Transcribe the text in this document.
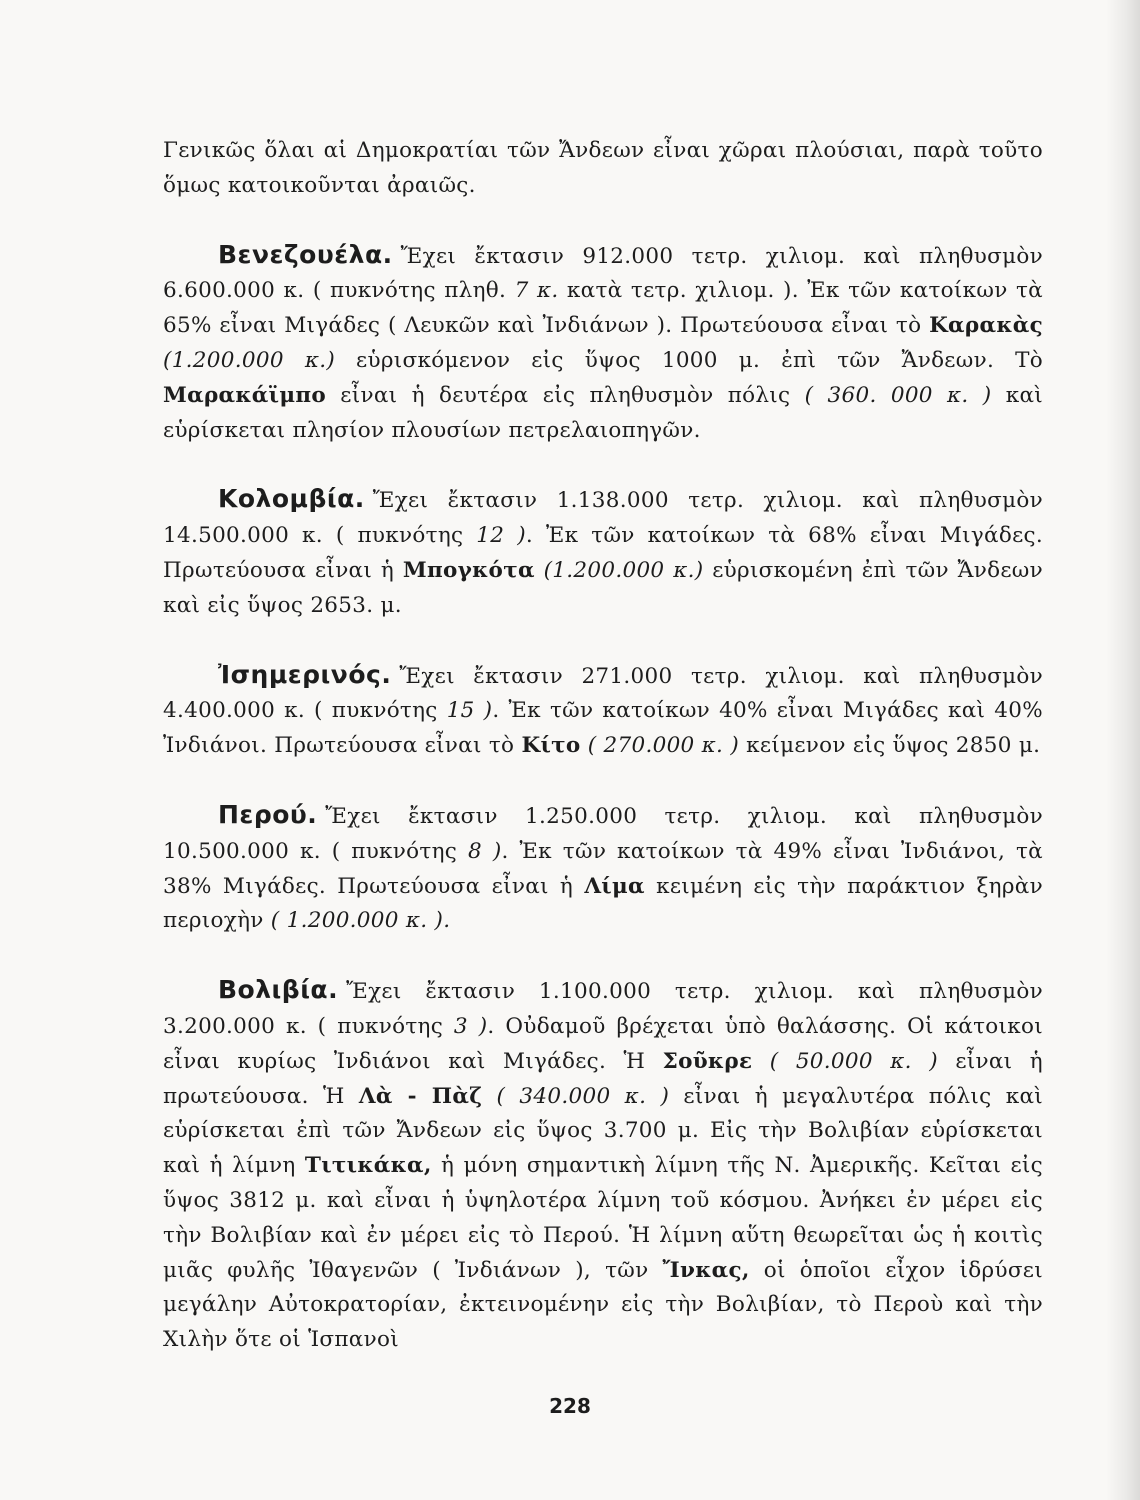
Γενικῶς ὅλαι αἱ Δημοκρατίαι τῶν Ἄνδεων εἶναι χῶραι πλούσιαι, παρὰ τοῦτο ὅμως κατοικοῦνται ἀραιῶς.

Βενεζουέλα. Ἔχει ἔκτασιν 912.000 τετρ. χιλιομ. καὶ πληθυσμὸν 6.600.000 κ. ( πυκνότης πληθ. 7 κ. κατὰ τετρ. χιλιομ. ). Ἐκ τῶν κατοίκων τὰ 65% εἶναι Μιγάδες ( Λευκῶν καὶ Ἰνδιάνων ). Πρωτεύουσα εἶναι τὸ Καρακὰς (1.200.000 κ.) εὑρισκόμενον εἰς ὕψος 1000 μ. ἐπὶ τῶν Ἄνδεων. Τὸ Μαρακάϊμπο εἶναι ἡ δευτέρα εἰς πληθυσμὸν πόλις ( 360. 000 κ. ) καὶ εὑρίσκεται πλησίον πλουσίων πετρελαιοπηγῶν.

Κολομβία. Ἔχει ἔκτασιν 1.138.000 τετρ. χιλιομ. καὶ πληθυσμὸν 14.500.000 κ. ( πυκνότης 12 ). Ἐκ τῶν κατοίκων τὰ 68% εἶναι Μιγάδες. Πρωτεύουσα εἶναι ἡ Μπογκότα (1.200.000 κ.) εὑρισκομένη ἐπὶ τῶν Ἄνδεων καὶ εἰς ὕψος 2653. μ.

Ἰσημερινός. Ἔχει ἔκτασιν 271.000 τετρ. χιλιομ. καὶ πληθυσμὸν 4.400.000 κ. ( πυκνότης 15 ). Ἐκ τῶν κατοίκων 40% εἶναι Μιγάδες καὶ 40% Ἰνδιάνοι. Πρωτεύουσα εἶναι τὸ Κίτο ( 270.000 κ. ) κείμενον εἰς ὕψος 2850 μ.

Περού. Ἔχει ἔκτασιν 1.250.000 τετρ. χιλιομ. καὶ πληθυσμὸν 10.500.000 κ. ( πυκνότης 8 ). Ἐκ τῶν κατοίκων τὰ 49% εἶναι Ἰνδιάνοι, τὰ 38% Μιγάδες. Πρωτεύουσα εἶναι ἡ Λίμα κειμένη εἰς τὴν παράκτιον ξηρὰν περιοχὴν ( 1.200.000 κ. ).

Βολιβία. Ἔχει ἔκτασιν 1.100.000 τετρ. χιλιομ. καὶ πληθυσμὸν 3.200.000 κ. ( πυκνότης 3 ). Οὐδαμοῦ βρέχεται ὑπὸ θαλάσσης. Οἱ κάτοικοι εἶναι κυρίως Ἰνδιάνοι καὶ Μιγάδες. Ἡ Σοῦκρε ( 50.000 κ. ) εἶναι ἡ πρωτεύουσα. Ἡ Λὰ - Πὰζ ( 340.000 κ. ) εἶναι ἡ μεγαλυτέρα πόλις καὶ εὑρίσκεται ἐπὶ τῶν Ἄνδεων εἰς ὕψος 3.700 μ. Εἰς τὴν Βολιβίαν εὑρίσκεται καὶ ἡ λίμνη Τιτικάκα, ἡ μόνη σημαντικὴ λίμνη τῆς Ν. Ἀμερικῆς. Κεῖται εἰς ὕψος 3812 μ. καὶ εἶναι ἡ ὑψηλοτέρα λίμνη τοῦ κόσμου. Ἀνήκει ἐν μέρει εἰς τὴν Βολιβίαν καὶ ἐν μέρει εἰς τὸ Περού. Ἡ λίμνη αὕτη θεωρεῖται ὡς ἡ κοιτὶς μιᾶς φυλῆς Ἰθαγενῶν ( Ἰνδιάνων ), τῶν Ἴνκας, οἱ ὁποῖοι εἶχον ἱδρύσει μεγάλην Αὐτοκρατορίαν, ἐκτεινομένην εἰς τὴν Βολιβίαν, τὸ Περοὺ καὶ τὴν Χιλὴν ὅτε οἱ Ἱσπανοὶ

228
